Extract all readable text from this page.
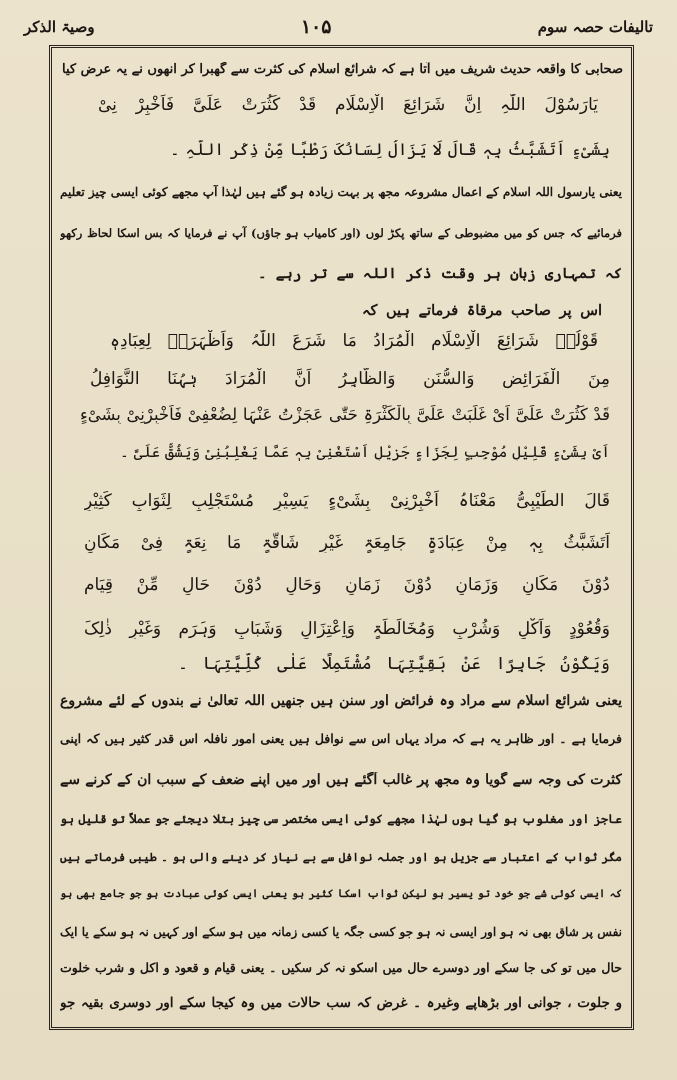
تالیفات حصہ سوم
۱۰۵
وصیۃ الذکر
صحابی کا واقعہ حدیث شریف میں آتا ہے کہ شرائع اسلام کی کثرت سے گھبرا کر انھوں نے یہ عرض کیا
یَارَسُوْلَ اللّٰہِ اِنَّ شَرَائِعَ الْاِسْلَامِ قَدْ کَثُرَتْ عَلَیَّ فَاَخْبِرْ نِیْ
بِشَیْءٍ اَتَشَبَّثُ بِہٖ قَالَ لَا یَزَالُ لِسَانُکَ رَطْبًا مِّنْ ذِکْرِ اللّٰہِ ۔
یعنی یارسول اللہ اسلام کے اعمال مشروعہ مجھ پر بہت زیادہ ہو گئے ہیں لہٰذا آپ مجھے کوئی ایسی چیز تعلیم
فرمائیے کہ جس کو میں مضبوطی کے ساتھ پکڑ لوں (اور کامیاب ہو جاؤں) آپ نے فرمایا کہ بس اسکا لحاظ رکھو
کہ تمہاری زبان ہر وقت ذکر اللہ سے تر رہے ۔
اس پر صاحب مرقاۃ فرماتے ہیں کہ
قَوْلُہٗ شَرَائِعَ الْاِسْلَامِ الْمُرَادُ مَا شَرَعَ اللّٰہُ وَاَظْہَرَہٗ لِعِبَادِہٖ
مِنَ الْفَرَائِضِ وَالسُّنَنِ وَالظَّاہِرُ اَنَّ الْمُرَادَ ہٰہُنَا النَّوَافِلُ
قَدْ کَثُرَتْ عَلَیَّ اَیْ غَلَبَتْ عَلَیَّ بِالْکَثْرَۃِ حَتّٰی عَجَزْتُ عَنْہَا لِضُعْفِیْ فَاَخْبِرْنِیْ بِشَیْءٍ
اَیْ بِشَیْءٍ قَلِیْلٍ مُوْجِبٍ لِجَزَاءٍ جَزِیْلٍ اَسْتَغْنِیْ بِہٖ عَمَّا یَغْلِبُنِیْ وَیَشُقُّ عَلَیَّ ۔
قَالَ الطِّیْبِیُّ مَعْنَاہُ اَخْبِرْنِیْ بِشَیْءٍ یَسِیْرٍ مُسْتَجْلِبٍ لِثَوَابٍ کَثِیْرٍ
اَتَشَبَّثُ بِہٖ مِنْ عِبَادَۃٍ جَامِعَۃٍ غَیْرِ شَاقَّۃٍ مَا نِعَۃٍ فِیْ مَکَانٍ
دُوْنَ مَکَانٍ وَزَمَانٍ دُوْنَ زَمَانٍ وَحَالٍ دُوْنَ حَالٍ مِّنْ قِیَامٍ
وَقُعُوْدٍ وَاَکْلٍ وَشُرْبٍ وَمُخَالَطَۃٍ وَاِعْتِزَالٍ وَشَبَابٍ وَہَرَمٍ وَغَیْرِ ذٰلِکَ
وَیَکُوْنُ جَابِرًا عَنْ بَقِیَّتِہَا مُشْتَمِلًا عَلٰی کُلِّیَّتِہَا ۔
یعنی شرائع اسلام سے مراد وہ فرائض اور سنن ہیں جنھیں اللہ تعالیٰ نے بندوں کے لئے مشروع
فرمایا ہے ۔ اور ظاہر یہ ہے کہ مراد یہاں اس سے نوافل ہیں یعنی امور نافلہ اس قدر کثیر ہیں کہ اپنی
کثرت کی وجہ سے گویا وہ مجھ پر غالب آگئے ہیں اور میں اپنے ضعف کے سبب ان کے کرنے سے
عاجز اور مغلوب ہو گیا ہوں لہٰذا مجھے کوئی ایسی مختصر سی چیز بتلا دیجئے جو عملاً تو قلیل ہو
مگر ثواب کے اعتبار سے جزیل ہو اور جملہ نوافل سے بے نیاز کر دینے والی ہو ۔ طیبی فرماتے ہیں
کہ ایسی کوئی شے جو خود تو یسیر ہو لیکن ثواب اسکا کثیر ہو یعنی ایسی کوئی عبادت ہو جو جامع بھی ہو
نفس پر شاق بھی نہ ہو اور ایسی نہ ہو جو کسی جگہ یا کسی زمانہ میں ہو سکے اور کہیں نہ ہو سکے یا ایک
حال میں تو کی جا سکے اور دوسرے حال میں اسکو نہ کر سکیں ۔ یعنی قیام و قعود و اکل و شرب خلوت
و جلوت ، جوانی اور بڑھاپے وغیرہ ۔ غرض کہ سب حالات میں وہ کیجا سکے اور دوسری بقیہ جو
